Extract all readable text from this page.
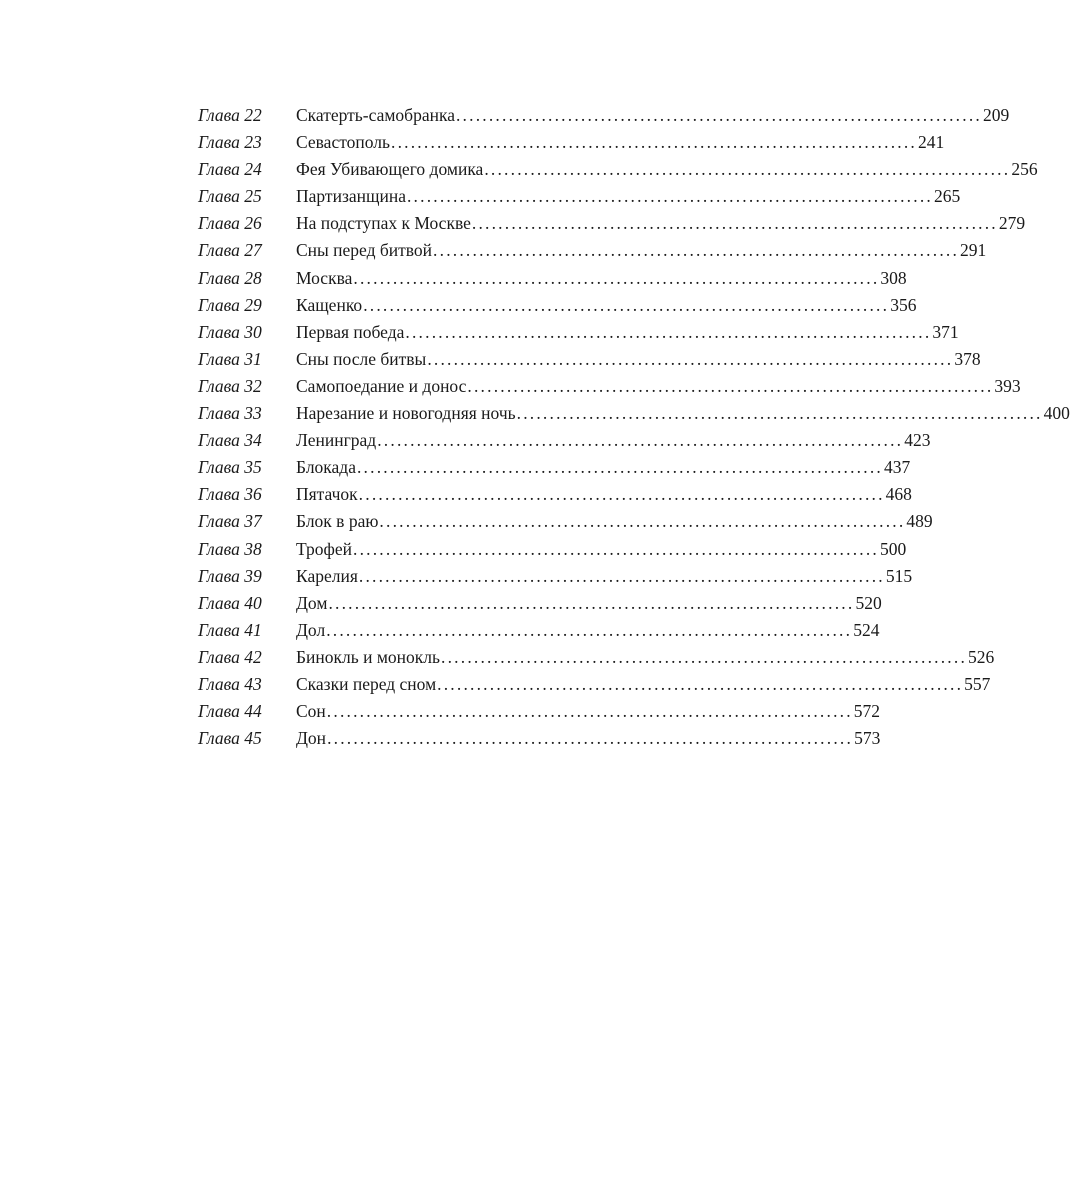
Глава 22	Скатерть-самобранка ................................................................................ 209
Глава 23	Севастополь ................................................................................ 241
Глава 24	Фея Убивающего домика ................................................................................ 256
Глава 25	Партизанщина ................................................................................ 265
Глава 26	На подступах к Москве ................................................................................ 279
Глава 27	Сны перед битвой ................................................................................ 291
Глава 28	Москва ................................................................................ 308
Глава 29	Кащенко ................................................................................ 356
Глава 30	Первая победа ................................................................................ 371
Глава 31	Сны после битвы ................................................................................ 378
Глава 32	Самопоедание и донос ................................................................................ 393
Глава 33	Нарезание и новогодняя ночь ................................................................................ 400
Глава 34	Ленинград ................................................................................ 423
Глава 35	Блокада ................................................................................ 437
Глава 36	Пятачок ................................................................................ 468
Глава 37	Блок в раю ................................................................................ 489
Глава 38	Трофей ................................................................................ 500
Глава 39	Карелия ................................................................................ 515
Глава 40	Дом ................................................................................ 520
Глава 41	Дол ................................................................................ 524
Глава 42	Бинокль и монокль ................................................................................ 526
Глава 43	Сказки перед сном ................................................................................ 557
Глава 44	Сон ................................................................................ 572
Глава 45	Дон ................................................................................ 573
